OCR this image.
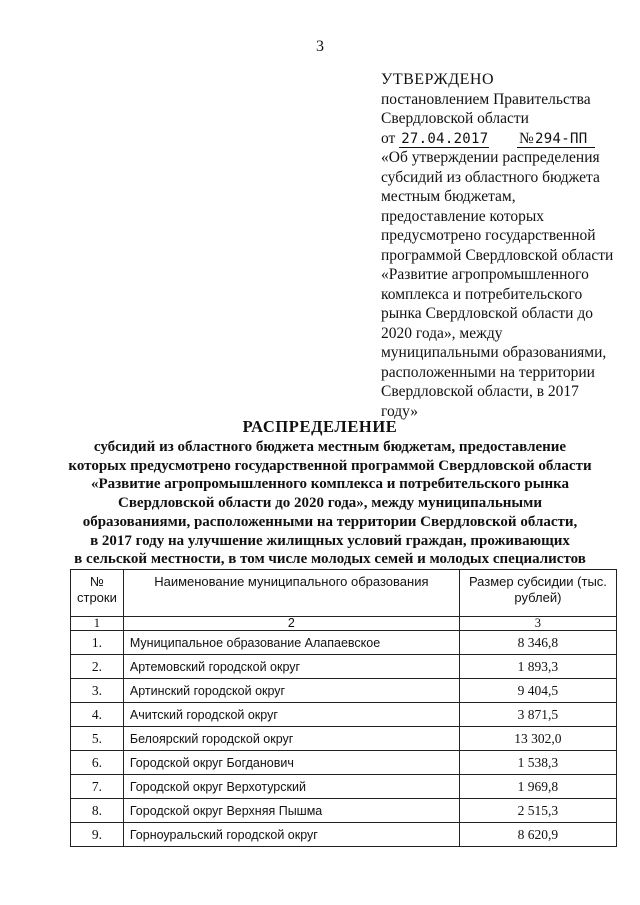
3
УТВЕРЖДЕНО
постановлением Правительства
Свердловской области
от 27.04.2017 № 294-ПП
«Об утверждении распределения
субсидий из областного бюджета
местным бюджетам,
предоставление которых
предусмотрено государственной
программой Свердловской области
«Развитие агропромышленного
комплекса и потребительского
рынка Свердловской области до
2020 года», между
муниципальными образованиями,
расположенными на территории
Свердловской области, в 2017
году»
РАСПРЕДЕЛЕНИЕ
субсидий из областного бюджета местным бюджетам, предоставление
которых предусмотрено государственной программой Свердловской области
«Развитие агропромышленного комплекса и потребительского рынка
Свердловской области до 2020 года», между муниципальными
образованиями, расположенными на территории Свердловской области,
в 2017 году на улучшение жилищных условий граждан, проживающих
в сельской местности, в том числе молодых семей и молодых специалистов
№ строки	Наименование муниципального образования	Размер субсидии (тыс. рублей)
1	2	3
1.	Муниципальное образование Алапаевское	8 346,8
2.	Артемовский городской округ	1 893,3
3.	Артинский городской округ	9 404,5
4.	Ачитский городской округ	3 871,5
5.	Белоярский городской округ	13 302,0
6.	Городской округ Богданович	1 538,3
7.	Городской округ Верхотурский	1 969,8
8.	Городской округ Верхняя Пышма	2 515,3
9.	Горноуральский городской округ	8 620,9
